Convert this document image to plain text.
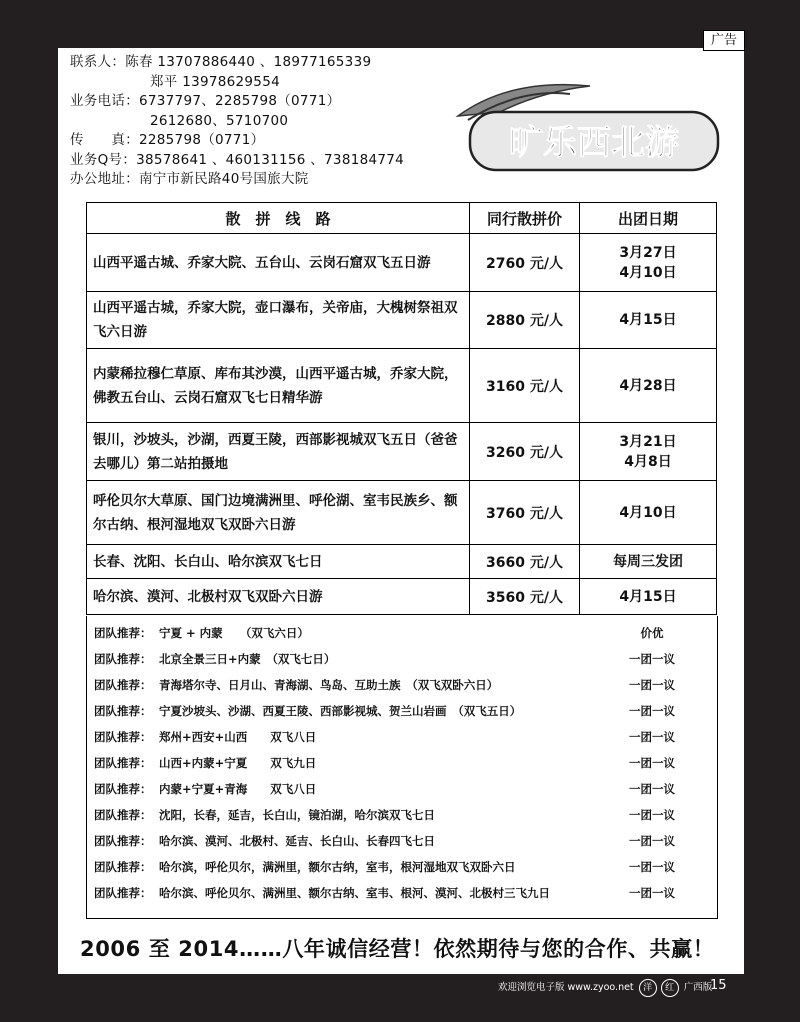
广告
联系人：陈春 13707886440 、18977165339
郑平 13978629554
业务电话：6737797、2285798（0771）
2612680、5710700
传　　真：2285798（0771）
业务Q号：38578641 、460131156 、738184774
办公地址：南宁市新民路40号国旅大院
旷乐西北游
散　拼　线　路	同行散拼价	出团日期
山西平遥古城、乔家大院、五台山、云岗石窟双飞五日游	2760 元/人	3月27日
4月10日

山西平遥古城，乔家大院，壶口瀑布，关帝庙，大槐树祭祖双飞六日游	2880 元/人	4月15日

内蒙稀拉穆仁草原、库布其沙漠，山西平遥古城，乔家大院，佛教五台山、云岗石窟双飞七日精华游	3160 元/人	4月28日

银川，沙坡头，沙湖，西夏王陵，西部影视城双飞五日（爸爸去哪儿）第二站拍摄地	3260 元/人	3月21日
4月8日

呼伦贝尔大草原、国门边境满洲里、呼伦湖、室韦民族乡、额尔古纳、根河湿地双飞双卧六日游	3760 元/人	4月10日

长春、沈阳、长白山、哈尔滨双飞七日	3660 元/人	每周三发团

哈尔滨、漠河、北极村双飞双卧六日游	3560 元/人	4月15日
团队推荐： 宁夏 + 内蒙　　（双飞六日）	价优
团队推荐： 北京全景三日+内蒙　（双飞七日）	一团一议
团队推荐： 青海塔尔寺、日月山、青海湖、鸟岛、互助土族　（双飞双卧六日）	一团一议
团队推荐： 宁夏沙坡头、沙湖、西夏王陵、西部影视城、贺兰山岩画　（双飞五日）	一团一议
团队推荐： 郑州+西安+山西　　双飞八日	一团一议
团队推荐： 山西+内蒙+宁夏　　双飞九日	一团一议
团队推荐： 内蒙+宁夏+青海　　双飞八日	一团一议
团队推荐： 沈阳，长春，延吉，长白山，镜泊湖，哈尔滨双飞七日	一团一议
团队推荐： 哈尔滨、漠河、北极村、延吉、长白山、长春四飞七日	一团一议
团队推荐： 哈尔滨，呼伦贝尔，满洲里，额尔古纳，室韦，根河湿地双飞双卧六日	一团一议
团队推荐： 哈尔滨、呼伦贝尔、满洲里、额尔古纳、室韦、根河、漠河、北极村三飞九日	一团一议
2006 至 2014……八年诚信经营！依然期待与您的合作、共赢！
欢迎浏览电子版 www.zyoo.net 洋 红 广西版
15
